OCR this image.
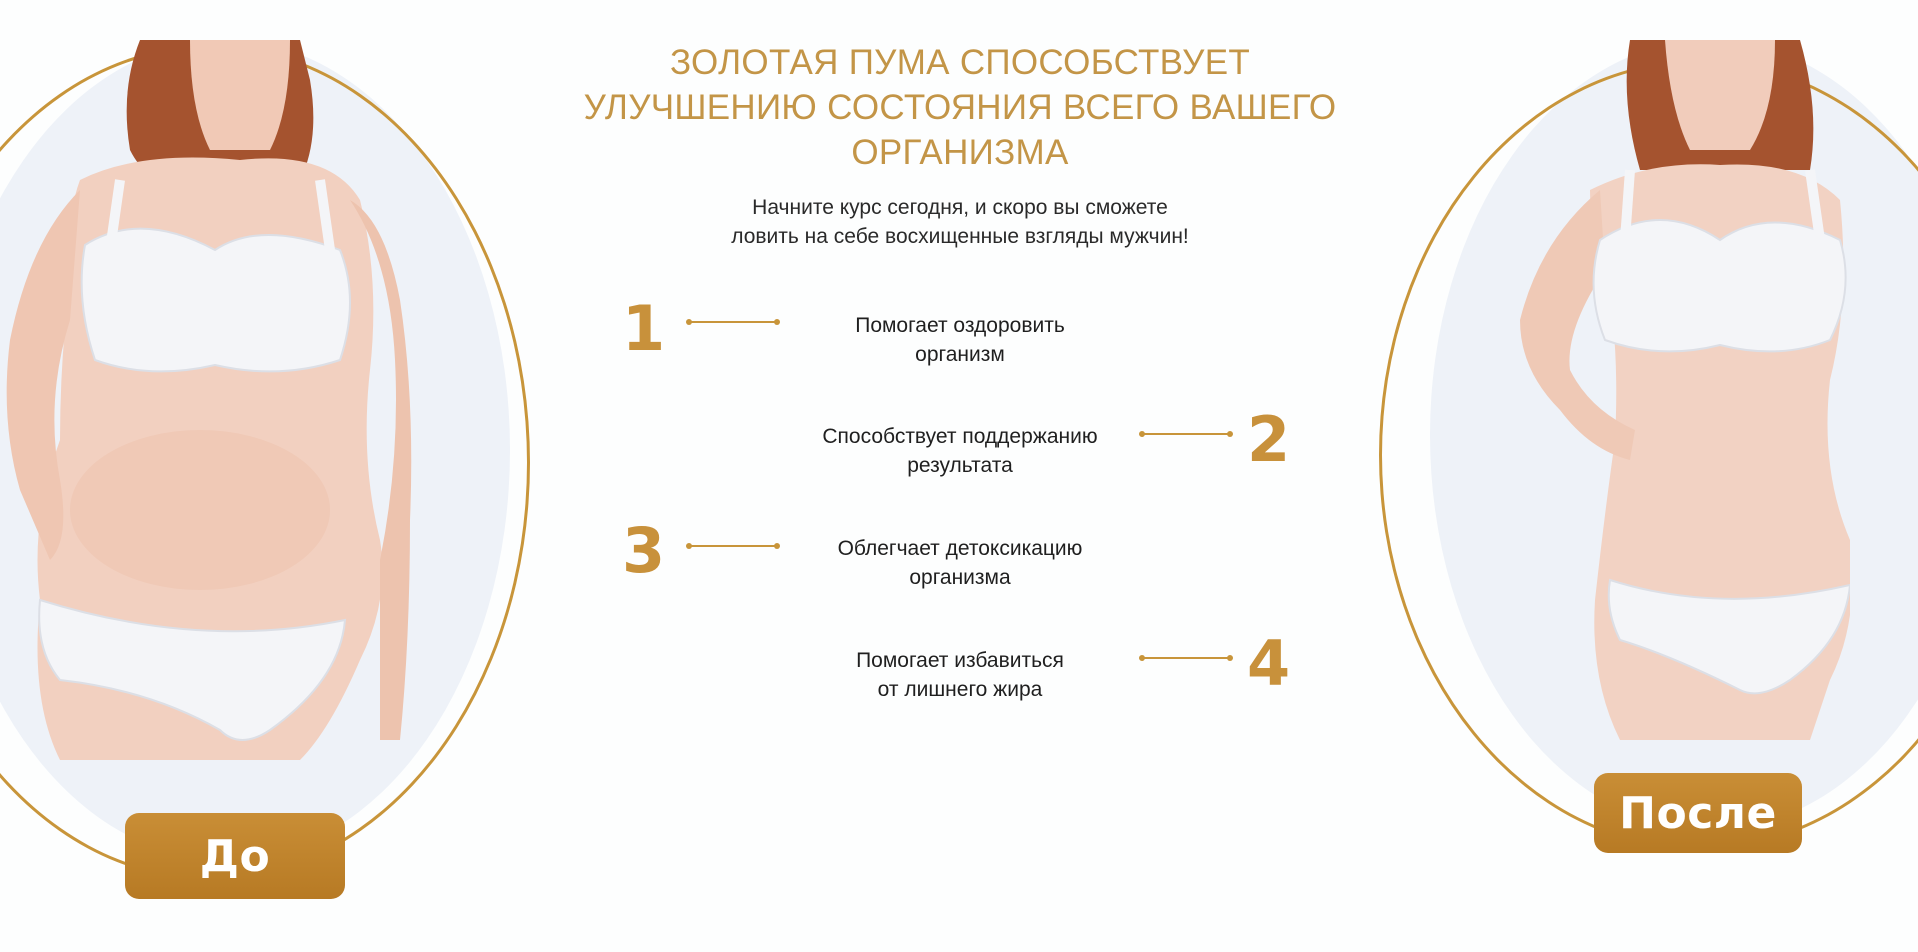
До
После
ЗОЛОТАЯ ПУМА СПОСОБСТВУЕТ
УЛУЧШЕНИЮ СОСТОЯНИЯ ВСЕГО ВАШЕГО
ОРГАНИЗМА
Начните курс сегодня, и скоро вы сможете
ловить на себе восхищенные взгляды мужчин!
1	Помогает оздоровить
организм
Способствует поддержанию
результата	2
3	Облегчает детоксикацию
организма
Помогает избавиться
от лишнего жира	4
